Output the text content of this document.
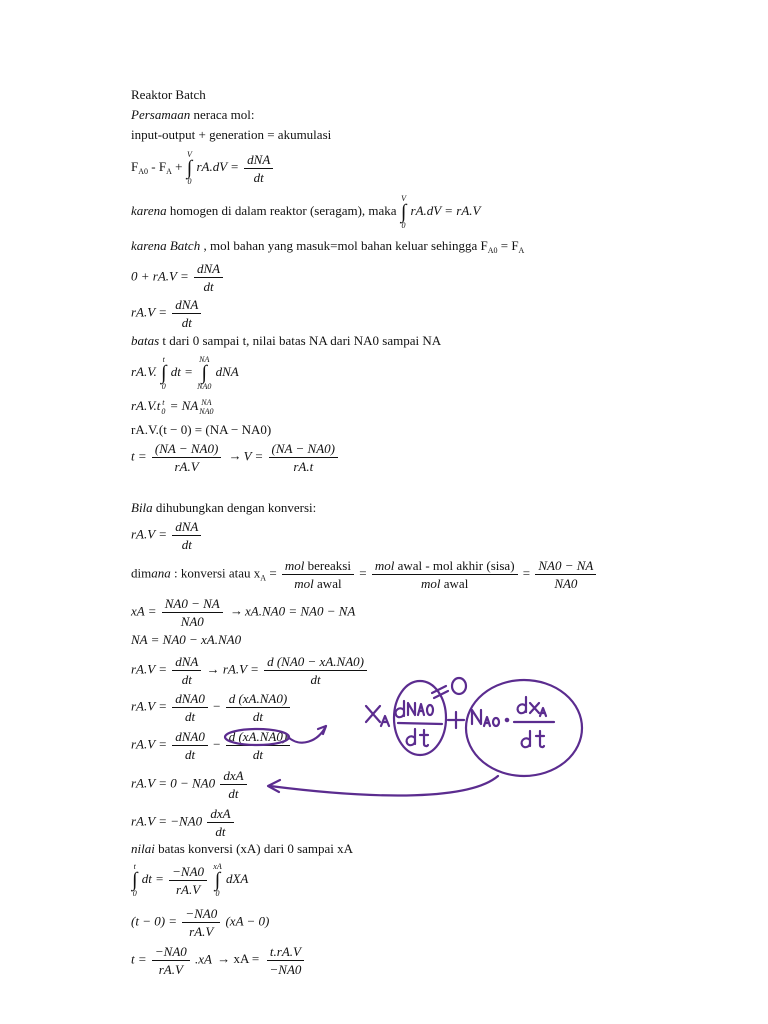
Reaktor Batch
Persamaan neraca mol:
input-output + generation = akumulasi
$F_{A0} - F_A$ +
V
∫
0
$rA.dV = \frac{\text{dNA}}{dt}$
karena homogen di dalam reaktor (seragam), maka
V
∫
0
rA.dV = rA.V
karena Batch , mol bahan yang masuk=mol bahan keluar sehingga $F_{A0} = F_A$
$0 + rA.V = \frac{\text{dNA}}{dt}$
$rA.V = \frac{\text{dNA}}{dt}$
batas t dari 0 sampai t, nilai batas NA dari NA0 sampai NA
rA.V.
t
∫
0
dt =
NA
∫
NA0
dNA
rA.V.t t
0 = NA NA
NA0
rA.V.(t − 0) = (NA − NA0)
$t = \frac{(NA - NA0)}{rA.V} \to V = \frac{(NA - NA0)}{rA.t}$
Bila dihubungkan dengan konversi:
$rA.V = \frac{\text{dNA}}{dt}$
dimana : konversi atau $x_A = \frac{\text{mol bereaksi}}{\text{mol awal}} = \frac{\text{mol awal - mol akhir (sisa)}}{\text{mol awal}} = \frac{NA0 - NA}{NA0}$
xA = $\frac{NA0 - NA}{NA0} \to xA.NA0 = NA0$ − NA
NA = NA0 − xA.NA0
$rA.V = \frac{\text{dNA}}{dt} \to rA.V = \frac{d (NA0 - xA.NA0)}{dt}$
$rA.V = \frac{\text{dNA0}}{dt} - \frac{d (xA.NA0)}{dt}$
$rA.V = \frac{\text{dNA0}}{dt} - \frac{d (xA.NA0)}{dt}$
$rA.V = 0 - NA0 \frac{\text{dxA}}{dt}$
$rA.V = -NA0 \frac{\text{dxA}}{dt}$
nilai batas konversi (xA) dari 0 sampai xA
t
∫
0
dt = $\frac{-NA0}{rA.V}$
xA
∫
0
dXA
$(t - 0) = \frac{-NA0}{rA.V} (xA - 0)$
$t = \frac{-NA0}{rA.V} .xA$ → xA = $\frac{t.rA.V}{-NA0}$
